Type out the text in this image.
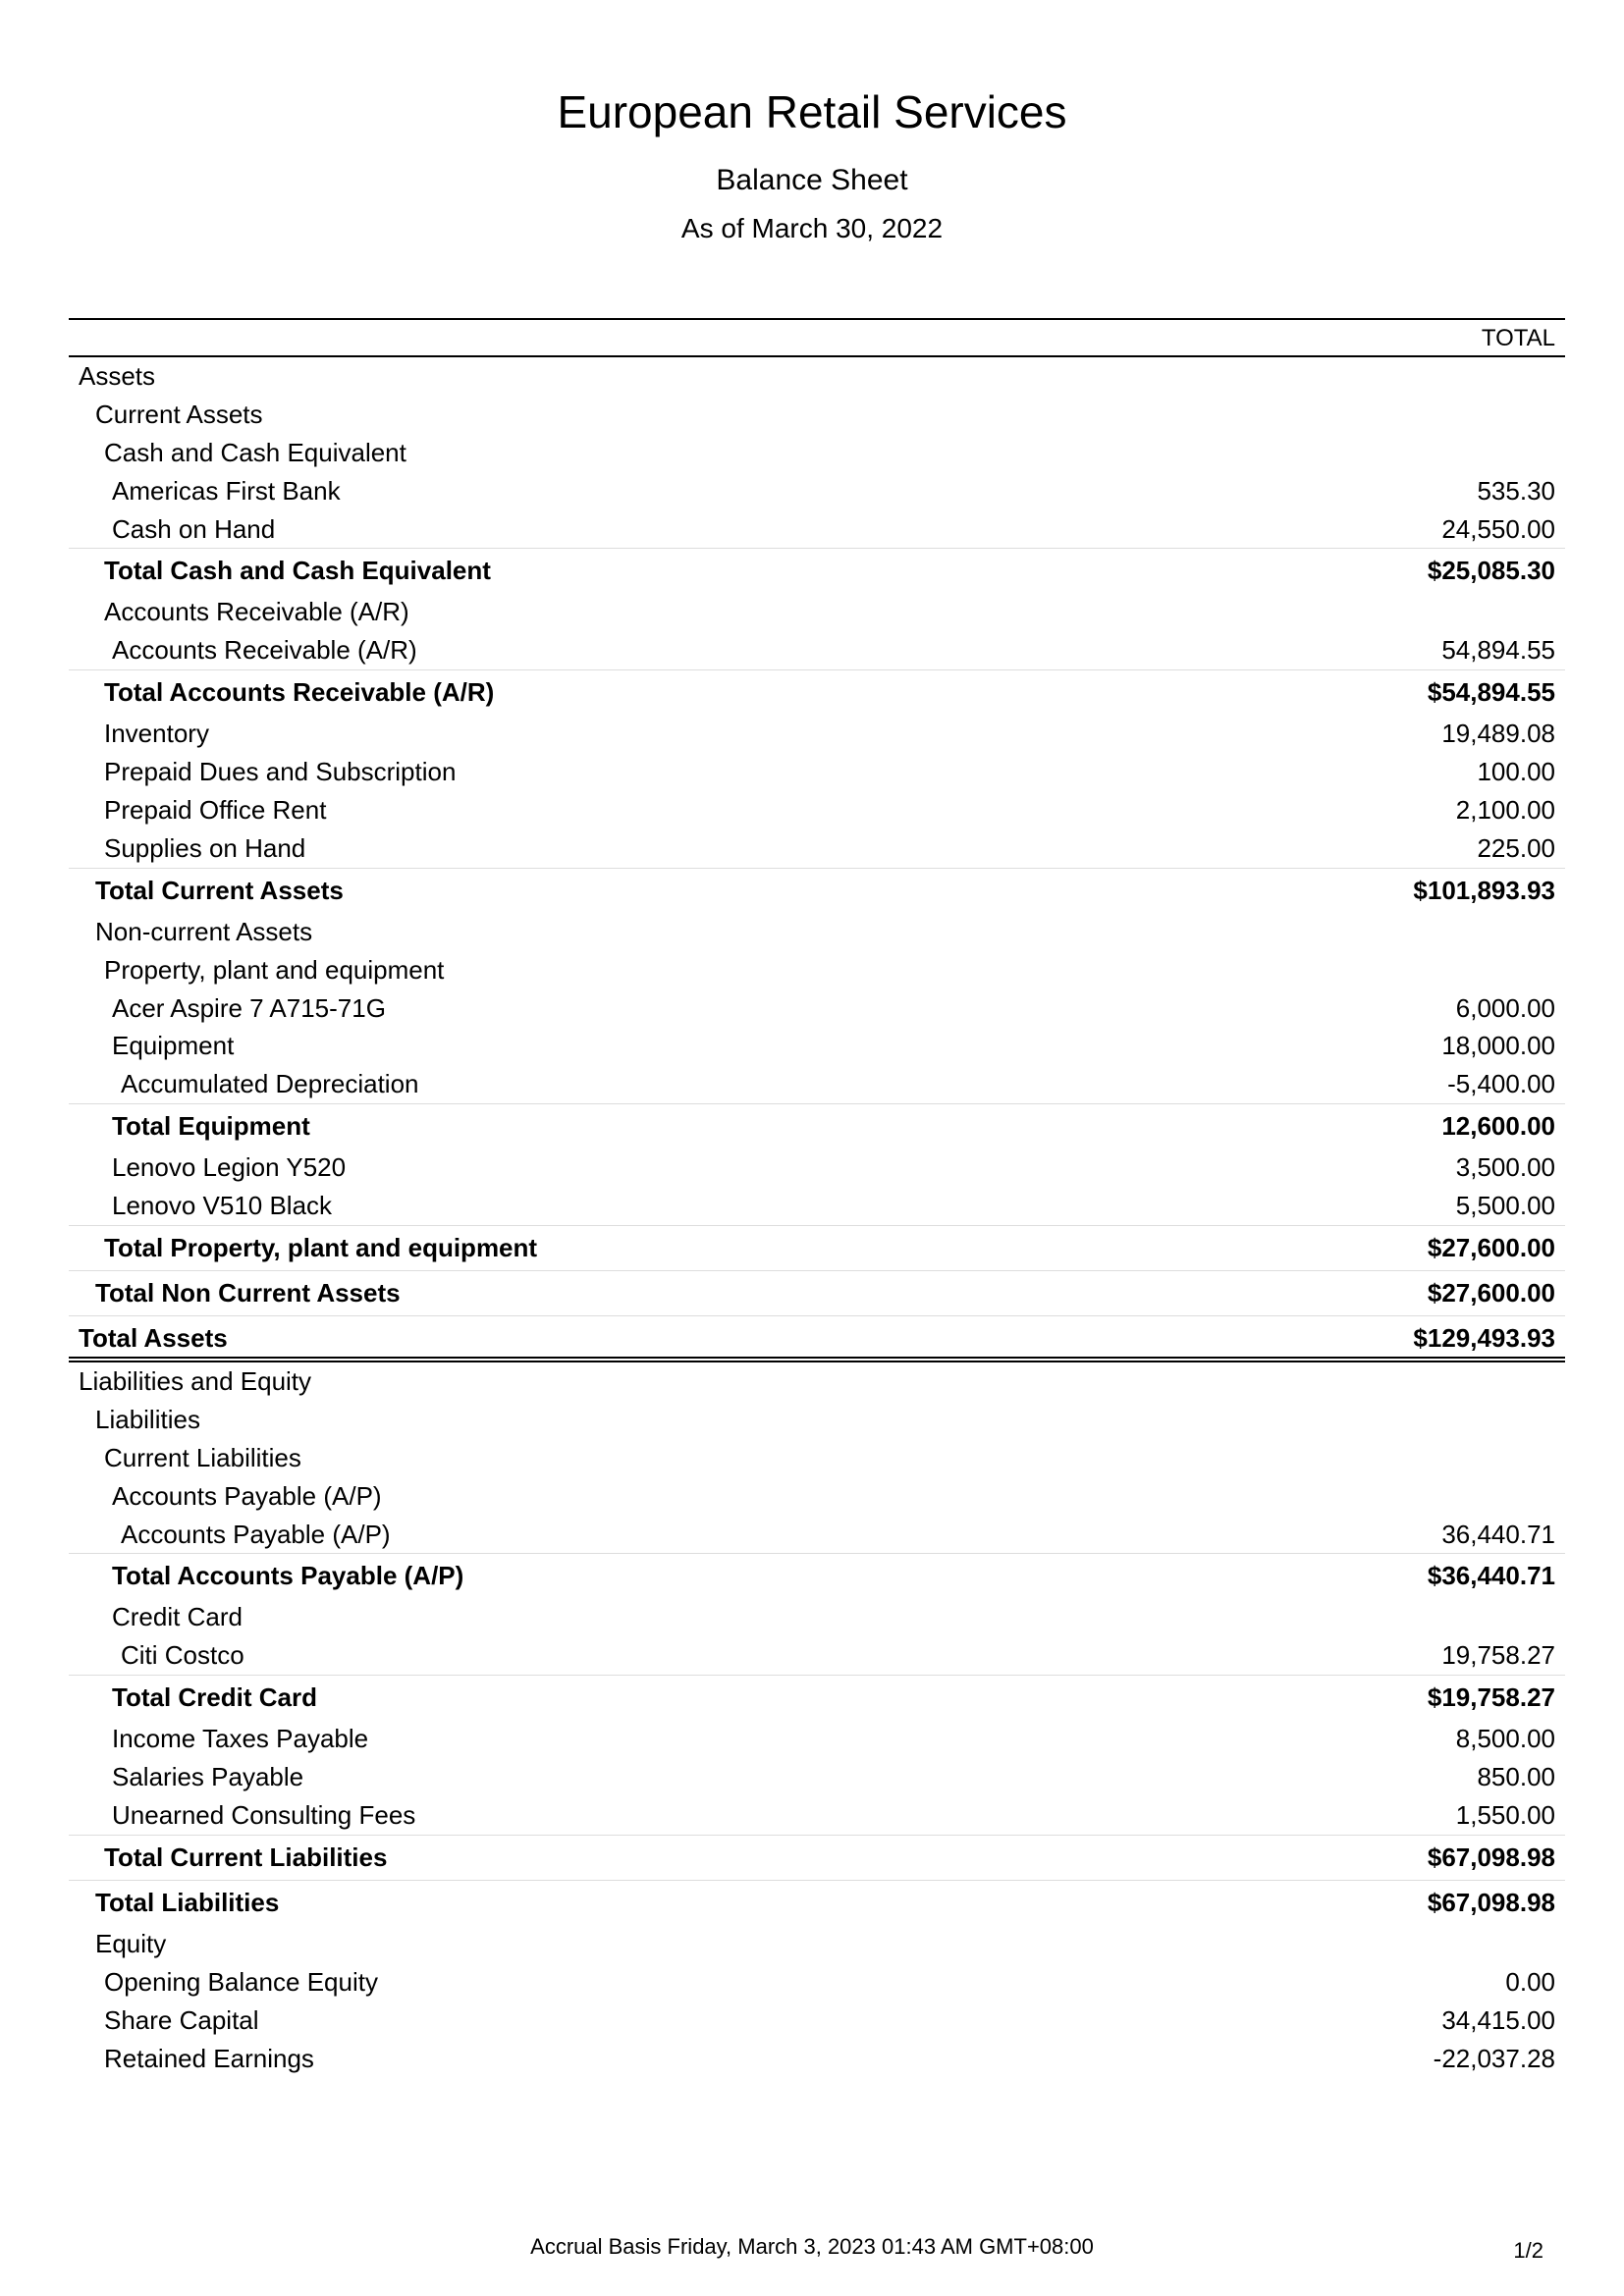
European Retail Services
Balance Sheet
As of March 30, 2022
TOTAL
Assets
Current Assets
Cash and Cash Equivalent
Americas First Bank	535.30
Cash on Hand	24,550.00
Total Cash and Cash Equivalent	$25,085.30
Accounts Receivable (A/R)
Accounts Receivable (A/R)	54,894.55
Total Accounts Receivable (A/R)	$54,894.55
Inventory	19,489.08
Prepaid Dues and Subscription	100.00
Prepaid Office Rent	2,100.00
Supplies on Hand	225.00
Total Current Assets	$101,893.93
Non-current Assets
Property, plant and equipment
Acer Aspire 7 A715-71G	6,000.00
Equipment	18,000.00
Accumulated Depreciation	-5,400.00
Total Equipment	12,600.00
Lenovo Legion Y520	3,500.00
Lenovo V510 Black	5,500.00
Total Property, plant and equipment	$27,600.00
Total Non Current Assets	$27,600.00
Total Assets	$129,493.93
Liabilities and Equity
Liabilities
Current Liabilities
Accounts Payable (A/P)
Accounts Payable (A/P)	36,440.71
Total Accounts Payable (A/P)	$36,440.71
Credit Card
Citi Costco	19,758.27
Total Credit Card	$19,758.27
Income Taxes Payable	8,500.00
Salaries Payable	850.00
Unearned Consulting Fees	1,550.00
Total Current Liabilities	$67,098.98
Total Liabilities	$67,098.98
Equity
Opening Balance Equity	0.00
Share Capital	34,415.00
Retained Earnings	-22,037.28
Accrual Basis Friday, March 3, 2023 01:43 AM GMT+08:00	1/2
